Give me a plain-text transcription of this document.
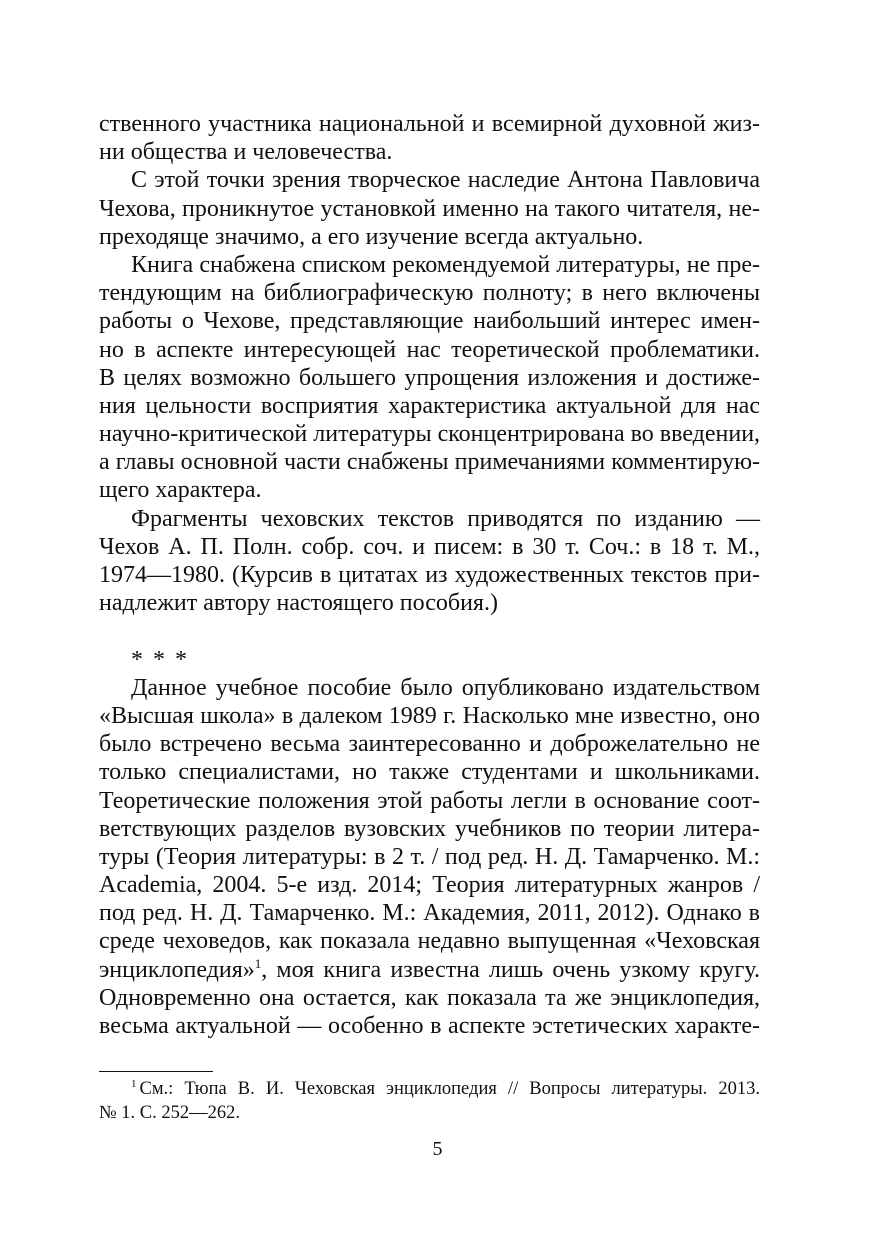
ственного участника национальной и всемирной духовной жиз-
ни общества и человечества.
С этой точки зрения творческое наследие Антона Павловича
Чехова, проникнутое установкой именно на такого читателя, не-
преходяще значимо, а его изучение всегда актуально.
Книга снабжена списком рекомендуемой литературы, не пре-
тендующим на библиографическую полноту; в него включены
работы о Чехове, представляющие наибольший интерес имен-
но в аспекте интересующей нас теоретической проблематики.
В целях возможно большего упрощения изложения и достиже-
ния цельности восприятия характеристика актуальной для нас
научно-критической литературы сконцентрирована во введении,
а главы основной части снабжены примечаниями комментирую-
щего характера.
Фрагменты чеховских текстов приводятся по изданию —
Чехов А. П. Полн. собр. соч. и писем: в 30 т. Соч.: в 18 т. М.,
1974—1980. (Курсив в цитатах из художественных текстов при-
надлежит автору настоящего пособия.)
* * *
Данное учебное пособие было опубликовано издательством
«Высшая школа» в далеком 1989 г. Насколько мне известно, оно
было встречено весьма заинтересованно и доброжелательно не
только специалистами, но также студентами и школьниками.
Теоретические положения этой работы легли в основание соот-
ветствующих разделов вузовских учебников по теории литера-
туры (Теория литературы: в 2 т. / под ред. Н. Д. Тамарченко. М.:
Academia, 2004. 5-е изд. 2014; Теория литературных жанров /
под ред. Н. Д. Тамарченко. М.: Академия, 2011, 2012). Однако в
среде чеховедов, как показала недавно выпущенная «Чеховская
энциклопедия»$^1$, моя книга известна лишь очень узкому кругу.
Одновременно она остается, как показала та же энциклопедия,
весьма актуальной — особенно в аспекте эстетических характе-
$^1$ См.: Тюпа В. И. Чеховская энциклопедия // Вопросы литературы. 2013.
№ 1. С. 252—262.
5
